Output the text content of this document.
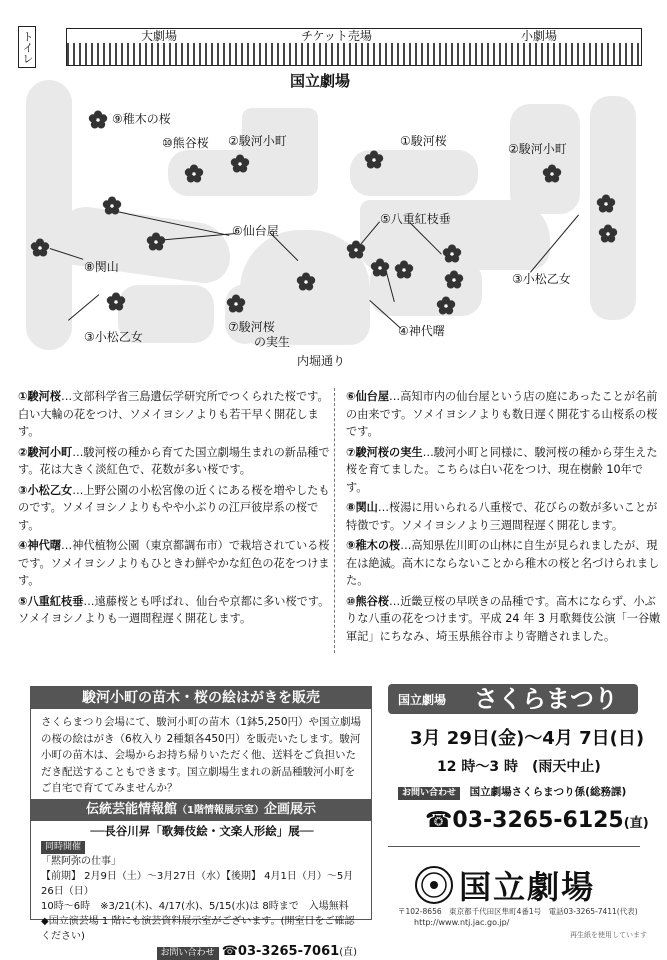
トイレ	大劇場	チケット売場	小劇場
国立劇場
⑨稚木の桜
⑩熊谷桜 ②駿河小町	①駿河桜
②駿河小町
⑥仙台屋
⑤八重紅枝垂
⑧関山
③小松乙女
③小松乙女
⑦駿河桜
の実生
④神代曙
内堀通り

①駿河桜…文部科学省三島遺伝学研究所でつくられた桜です。白い大輪の花をつけ、ソメイヨシノよりも若干早く開花します。

②駿河小町…駿河桜の種から育てた国立劇場生まれの新品種です。花は大きく淡紅色で、花数が多い桜です。

③小松乙女…上野公園の小松宮像の近くにある桜を増やしたものです。ソメイヨシノよりもやや小ぶりの江戸彼岸系の桜です。

④神代曙…神代植物公園（東京都調布市）で栽培されている桜です。ソメイヨシノよりもひときわ鮮やかな紅色の花をつけます。

⑤八重紅枝垂…遠藤桜とも呼ばれ、仙台や京都に多い桜です。ソメイヨシノよりも一週間程遅く開花します。

⑥仙台屋…高知市内の仙台屋という店の庭にあったことが名前の由来です。ソメイヨシノよりも数日遅く開花する山桜系の桜です。

⑦駿河桜の実生…駿河小町と同様に、駿河桜の種から芽生えた桜を育てました。こちらは白い花をつけ、現在樹齢 10年です。

⑧関山…桜湯に用いられる八重桜で、花びらの数が多いことが特徴です。ソメイヨシノより三週間程遅く開花します。

⑨稚木の桜…高知県佐川町の山林に自生が見られましたが、現在は絶滅。高木にならないことから稚木の桜と名づけられました。

⑩熊谷桜…近畿豆桜の早咲きの品種です。高木にならず、小ぶりな八重の花をつけます。平成 24 年 3 月歌舞伎公演「一谷嫩軍記」にちなみ、埼玉県熊谷市より寄贈されました。

駿河小町の苗木・桜の絵はがきを販売
さくらまつり会場にて、駿河小町の苗木（1鉢5,250円）や国立劇場の桜の絵はがき（6枚入り 2種類各450円）を販売いたします。駿河小町の苗木は、会場からお持ち帰りいただく他、送料をご負担いただき配送することもできます。国立劇場生まれの新品種駿河小町をご自宅で育ててみませんか？
伝統芸能情報館（1階情報展示室）企画展示
──長谷川昇「歌舞伎絵・文楽人形絵」展──
同時開催
「黙阿弥の仕事」
【前期】 2月9日（土）～3月27日（水）【後期】 4月1日（月）～5月26日（日）
10時～6時　※3/21(木)、4/17(水)、5/15(水)は 8時まで　入場無料
◆国立演芸場 1 階にも演芸資料展示室がございます。(開室日をご確認ください)
お問い合わせ ☎03-3265-7061(直)
国立劇場 さくらまつり
3月 29日(金)～4月 7日(日)
12 時～3 時　(雨天中止)
お問い合わせ 国立劇場さくらまつり係(総務課)
☎03-3265-6125(直)
国立劇場
〒102-8656　東京都千代田区隼町4番1号　電話03-3265-7411(代表)
http://www.ntj.jac.go.jp/
再生紙を使用しています
